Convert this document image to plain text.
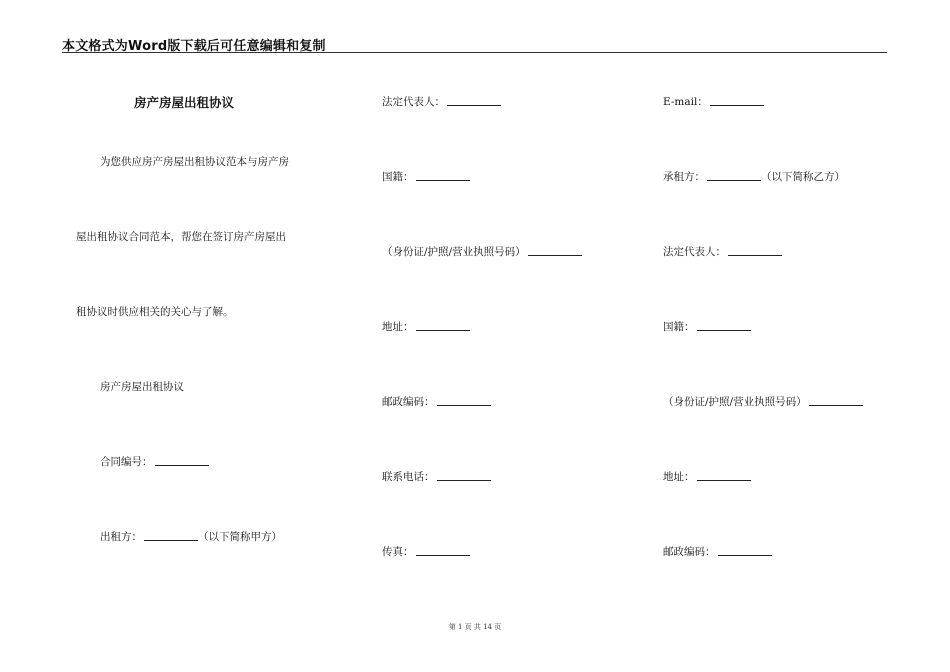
本文格式为Word版下载后可任意编辑和复制
房产房屋出租协议
为您供应房产房屋出租协议范本与房产房
屋出租协议合同范本，帮您在签订房产房屋出
租协议时供应相关的关心与了解。
房产房屋出租协议
合同编号：
出租方：	（以下简称甲方）
法定代表人：
国籍：
（身份证/护照/营业执照号码）
地址：
邮政编码：
联系电话：
传真：
E-mail：
承租方：	（以下简称乙方）
法定代表人：
国籍：
（身份证/护照/营业执照号码）
地址：
邮政编码：
第 1 页 共 14 页
